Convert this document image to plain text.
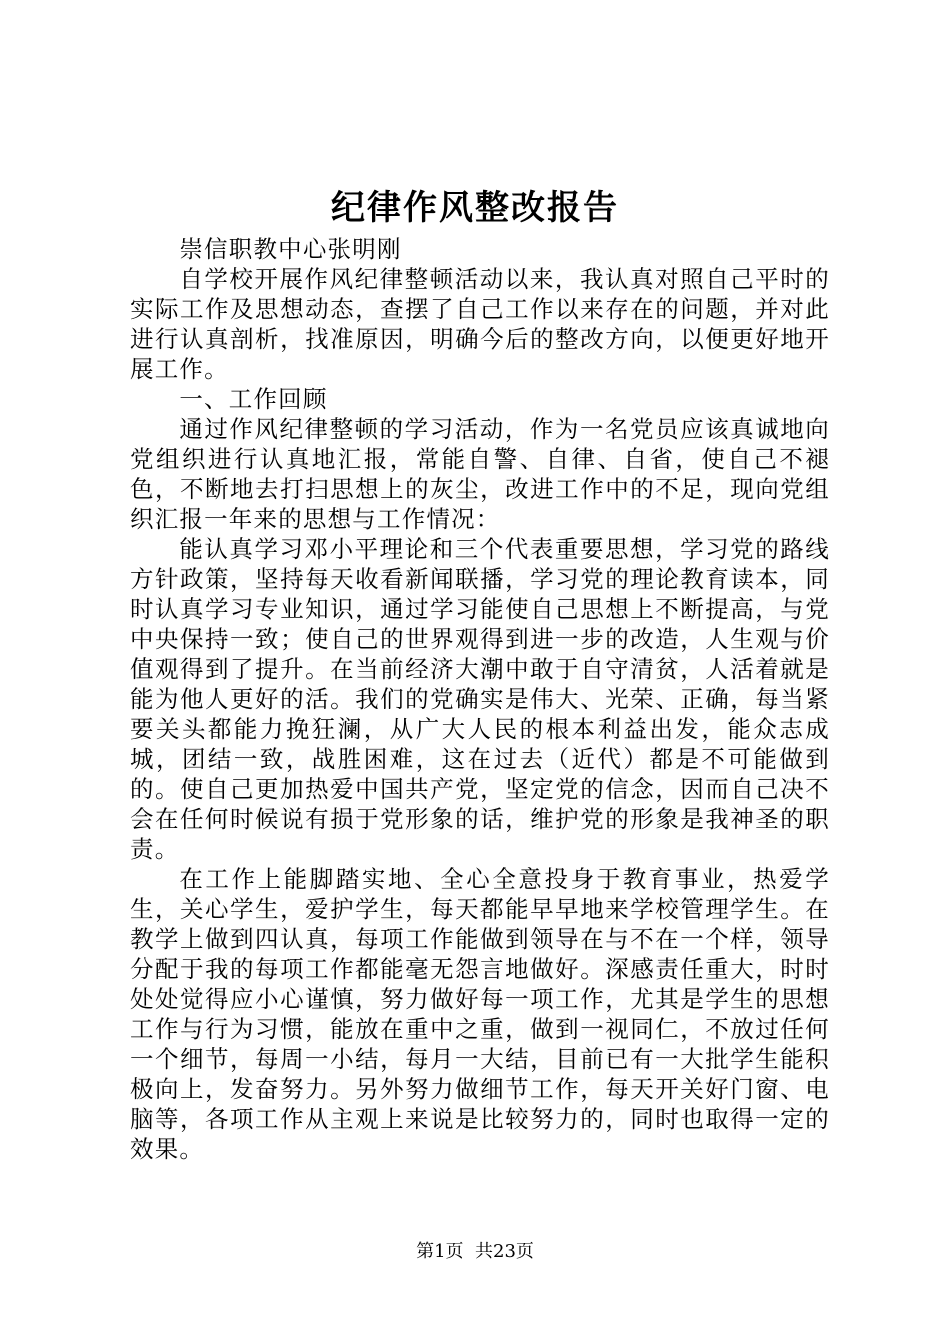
纪律作风整改报告

崇信职教中心张明刚

自学校开展作风纪律整顿活动以来，我认真对照自己平时的实际工作及思想动态，查摆了自己工作以来存在的问题，并对此进行认真剖析，找准原因，明确今后的整改方向，以便更好地开展工作。

一、工作回顾

通过作风纪律整顿的学习活动，作为一名党员应该真诚地向党组织进行认真地汇报，常能自警、自律、自省，使自己不褪色，不断地去打扫思想上的灰尘，改进工作中的不足，现向党组织汇报一年来的思想与工作情况：

能认真学习邓小平理论和三个代表重要思想，学习党的路线方针政策，坚持每天收看新闻联播，学习党的理论教育读本，同时认真学习专业知识，通过学习能使自己思想上不断提高，与党中央保持一致；使自己的世界观得到进一步的改造，人生观与价值观得到了提升。在当前经济大潮中敢于自守清贫，人活着就是能为他人更好的活。我们的党确实是伟大、光荣、正确，每当紧要关头都能力挽狂澜，从广大人民的根本利益出发，能众志成城，团结一致，战胜困难，这在过去（近代）都是不可能做到的。使自己更加热爱中国共产党，坚定党的信念，因而自己决不会在任何时候说有损于党形象的话，维护党的形象是我神圣的职责。

在工作上能脚踏实地、全心全意投身于教育事业，热爱学生，关心学生，爱护学生，每天都能早早地来学校管理学生。在教学上做到四认真，每项工作能做到领导在与不在一个样，领导分配于我的每项工作都能毫无怨言地做好。深感责任重大，时时处处觉得应小心谨慎，努力做好每一项工作，尤其是学生的思想工作与行为习惯，能放在重中之重，做到一视同仁，不放过任何一个细节，每周一小结，每月一大结，目前已有一大批学生能积极向上，发奋努力。另外努力做细节工作，每天开关好门窗、电脑等，各项工作从主观上来说是比较努力的，同时也取得一定的效果。

第1页  共23页
